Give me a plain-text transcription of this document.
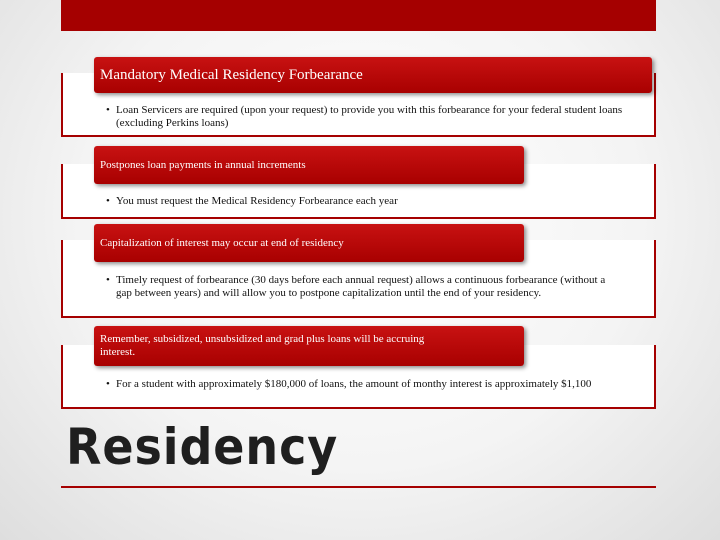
• Loan Servicers are required (upon your request) to provide you with this forbearance for your federal student loans (excluding Perkins loans)
Mandatory Medical Residency Forbearance
• You must request the Medical Residency Forbearance each year
Postpones loan payments in annual increments
• Timely request of forbearance (30 days before each annual request) allows a continuous forbearance (without a gap between years) and will allow you to postpone capitalization until the end of your residency.
Capitalization of interest may occur at end of residency
• For a student with approximately $180,000 of loans, the amount of monthy interest is approximately $1,100
Remember, subsidized, unsubsidized and grad plus loans will be accruing interest.
Residency
